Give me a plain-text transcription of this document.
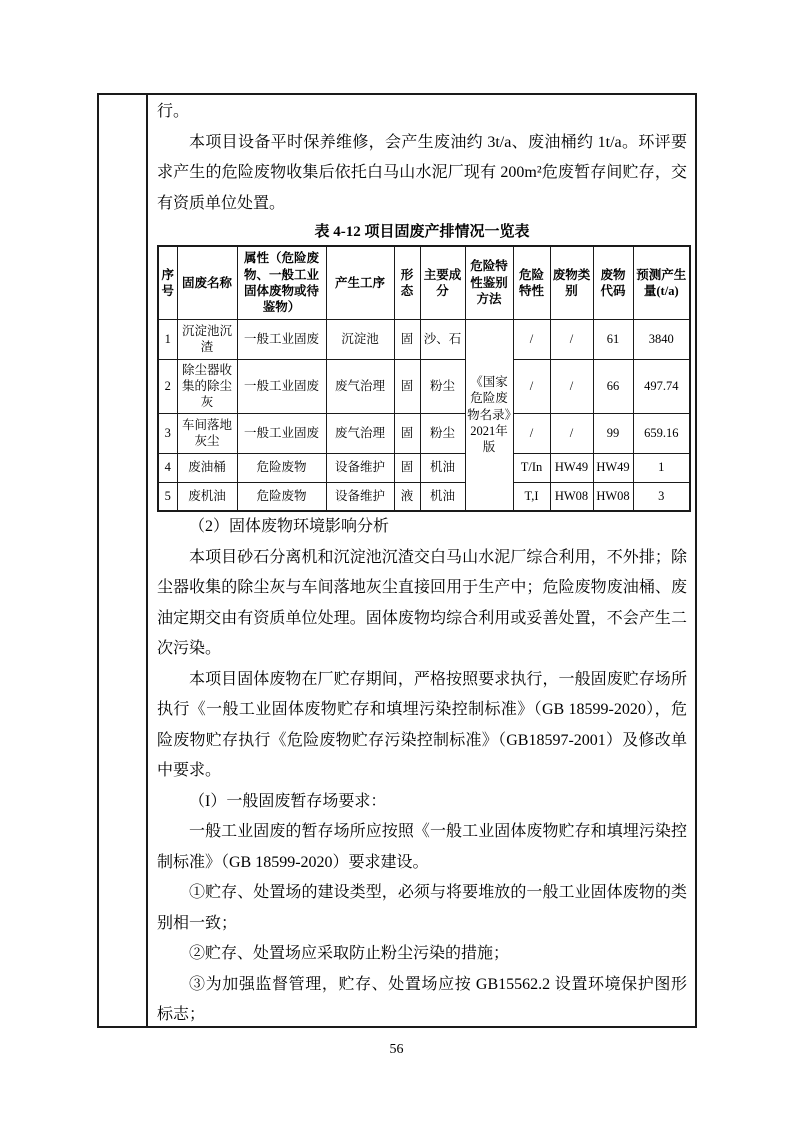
行。

本项目设备平时保养维修，会产生废油约 3t/a、废油桶约 1t/a。环评要求产生的危险废物收集后依托白马山水泥厂现有 200m²危废暂存间贮存，交有资质单位处置。

表 4-12 项目固废产排情况一览表

序号	固废名称	属性（危险废物、一般工业固体废物或待鉴物）	产生工序	形态	主要成分	危险特性鉴别方法	危险特性	废物类别	废物代码	预测产生量(t/a)
1	沉淀池沉渣	一般工业固废	沉淀池	固	沙、石	《国家危险废物名录》2021年版	/	/	61	3840
2	除尘器收集的除尘灰	一般工业固废	废气治理	固	粉尘		/	/	66	497.74
3	车间落地灰尘	一般工业固废	废气治理	固	粉尘		/	/	99	659.16
4	废油桶	危险废物	设备维护	固	机油		T/In	HW49	HW49	1
5	废机油	危险废物	设备维护	液	机油		T,I	HW08	HW08	3

（2）固体废物环境影响分析

本项目砂石分离机和沉淀池沉渣交白马山水泥厂综合利用，不外排；除尘器收集的除尘灰与车间落地灰尘直接回用于生产中；危险废物废油桶、废油定期交由有资质单位处理。固体废物均综合利用或妥善处置，不会产生二次污染。

本项目固体废物在厂贮存期间，严格按照要求执行，一般固废贮存场所执行《一般工业固体废物贮存和填埋污染控制标准》（GB 18599-2020），危险废物贮存执行《危险废物贮存污染控制标准》（GB18597-2001）及修改单中要求。

（I）一般固废暂存场要求：

一般工业固废的暂存场所应按照《一般工业固体废物贮存和填埋污染控制标准》（GB 18599-2020）要求建设。

①贮存、处置场的建设类型，必须与将要堆放的一般工业固体废物的类别相一致；

②贮存、处置场应采取防止粉尘污染的措施；

③为加强监督管理，贮存、处置场应按 GB15562.2 设置环境保护图形标志；

56
